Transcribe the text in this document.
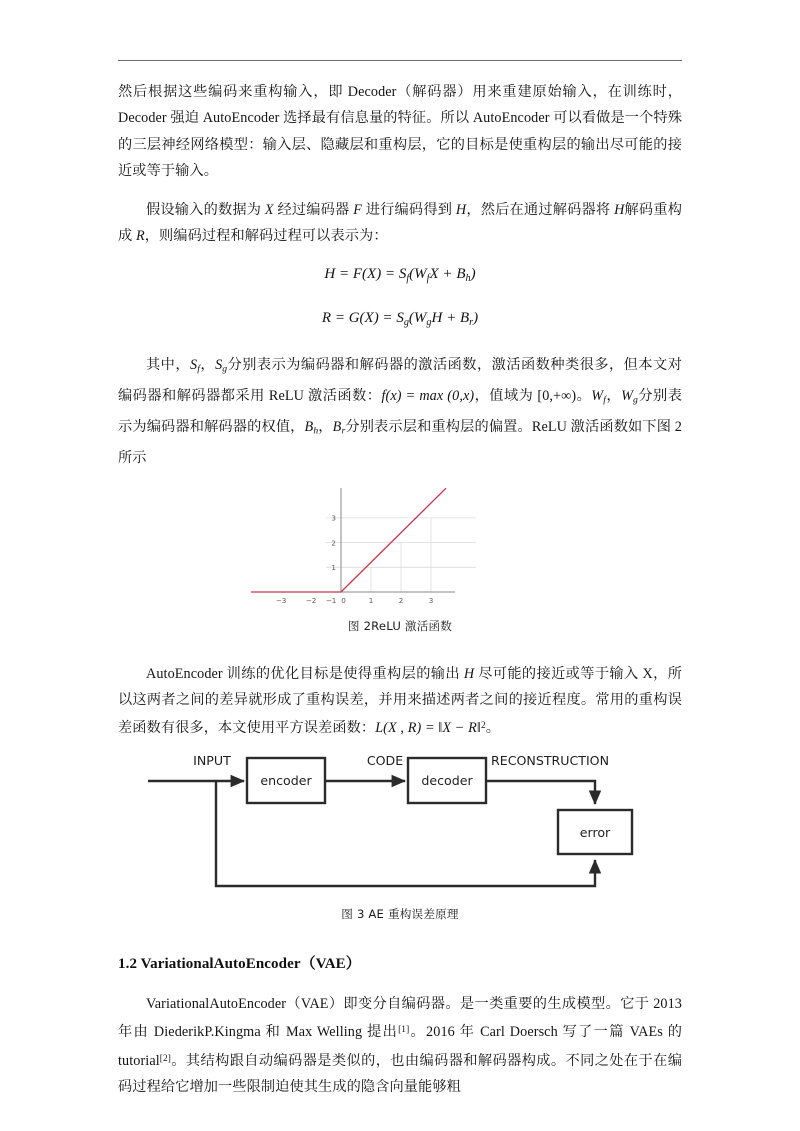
然后根据这些编码来重构输入，即 Decoder（解码器）用来重建原始输入，在训练时，Decoder 强迫 AutoEncoder 选择最有信息量的特征。所以 AutoEncoder 可以看做是一个特殊的三层神经网络模型：输入层、隐藏层和重构层，它的目标是使重构层的输出尽可能的接近或等于输入。

假设输入的数据为 X 经过编码器 F 进行编码得到 H，然后在通过解码器将 H解码重构成 R，则编码过程和解码过程可以表示为：

$H = F(X) = S_f(W_fX + B_h)$
$R = G(X) = S_g(W_gH + B_r)$

其中，$S_f$，$S_g$分别表示为编码器和解码器的激活函数，激活函数种类很多，但本文对编码器和解码器都采用 ReLU 激活函数：f(x) = max (0,x)，值域为 [0,+∞)。$W_f$，$W_g$分别表示为编码器和解码器的权值，$B_h$，$B_r$分别表示层和重构层的偏置。ReLU 激活函数如下图 2 所示

−3	−2 −1 0	1	2	3
1
2
3

图 2ReLU 激活函数

AutoEncoder 训练的优化目标是使得重构层的输出 H 尽可能的接近或等于输入 X，所以这两者之间的差异就形成了重构误差，并用来描述两者之间的接近程度。常用的重构误差函数有很多，本文使用平方误差函数：L(X , R) = ‖X − R‖$^2$。

INPUT	CODE	RECONSTRUCTION
encoder	decoder
error

图 3 AE 重构误差原理

1.2 VariationalAutoEncoder（VAE）

VariationalAutoEncoder（VAE）即变分自编码器。是一类重要的生成模型。它于 2013 年由 DiederikP.Kingma 和 Max Welling 提出[1]。2016 年 Carl Doersch 写了一篇 VAEs 的 tutorial[2]。其结构跟自动编码器是类似的，也由编码器和解码器构成。不同之处在于在编码过程给它增加一些限制迫使其生成的隐含向量能够粗
